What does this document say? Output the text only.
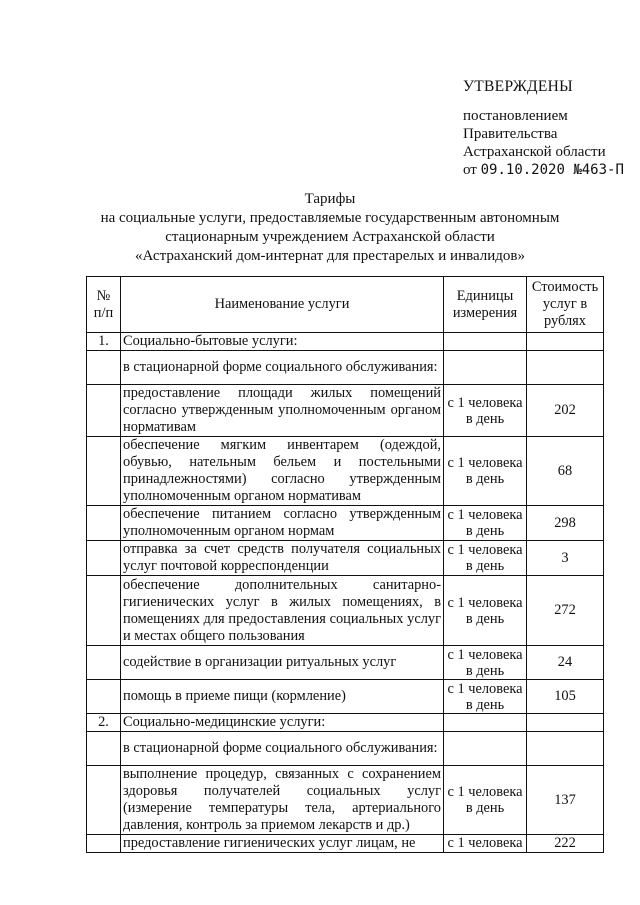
УТВЕРЖДЕНЫ
постановлением
Правительства
Астраханской области
от 09.10.2020 №463-П
Тарифы
на социальные услуги, предоставляемые государственным автономным
стационарным учреждением Астраханской области
«Астраханский дом-интернат для престарелых и инвалидов»
№ п/п	Наименование услуги	Единицы измерения	Стоимость услуг в рублях
1.	Социально-бытовые услуги:		
	в стационарной форме социального обслуживания:		
	предоставление площади жилых помещений согласно утвержденным уполномоченным органом нормативам	с 1 человека в день	202
	обеспечение мягким инвентарем (одеждой, обувью, нательным бельем и постельными принадлежностями) согласно утвержденным уполномоченным органом нормативам	с 1 человека в день	68
	обеспечение питанием согласно утвержденным уполномоченным органом нормам	с 1 человека в день	298
	отправка за счет средств получателя социальных услуг почтовой корреспонденции	с 1 человека в день	3
	обеспечение дополнительных санитарно-гигиенических услуг в жилых помещениях, в помещениях для предоставления социальных услуг и местах общего пользования	с 1 человека в день	272
	содействие в организации ритуальных услуг	с 1 человека в день	24
	помощь в приеме пищи (кормление)	с 1 человека в день	105
2.	Социально-медицинские услуги:		
	в стационарной форме социального обслуживания:		
	выполнение процедур, связанных с сохранением здоровья получателей социальных услуг (измерение температуры тела, артериального давления, контроль за приемом лекарств и др.)	с 1 человека в день	137
	предоставление гигиенических услуг лицам, не	с 1 человека	222
